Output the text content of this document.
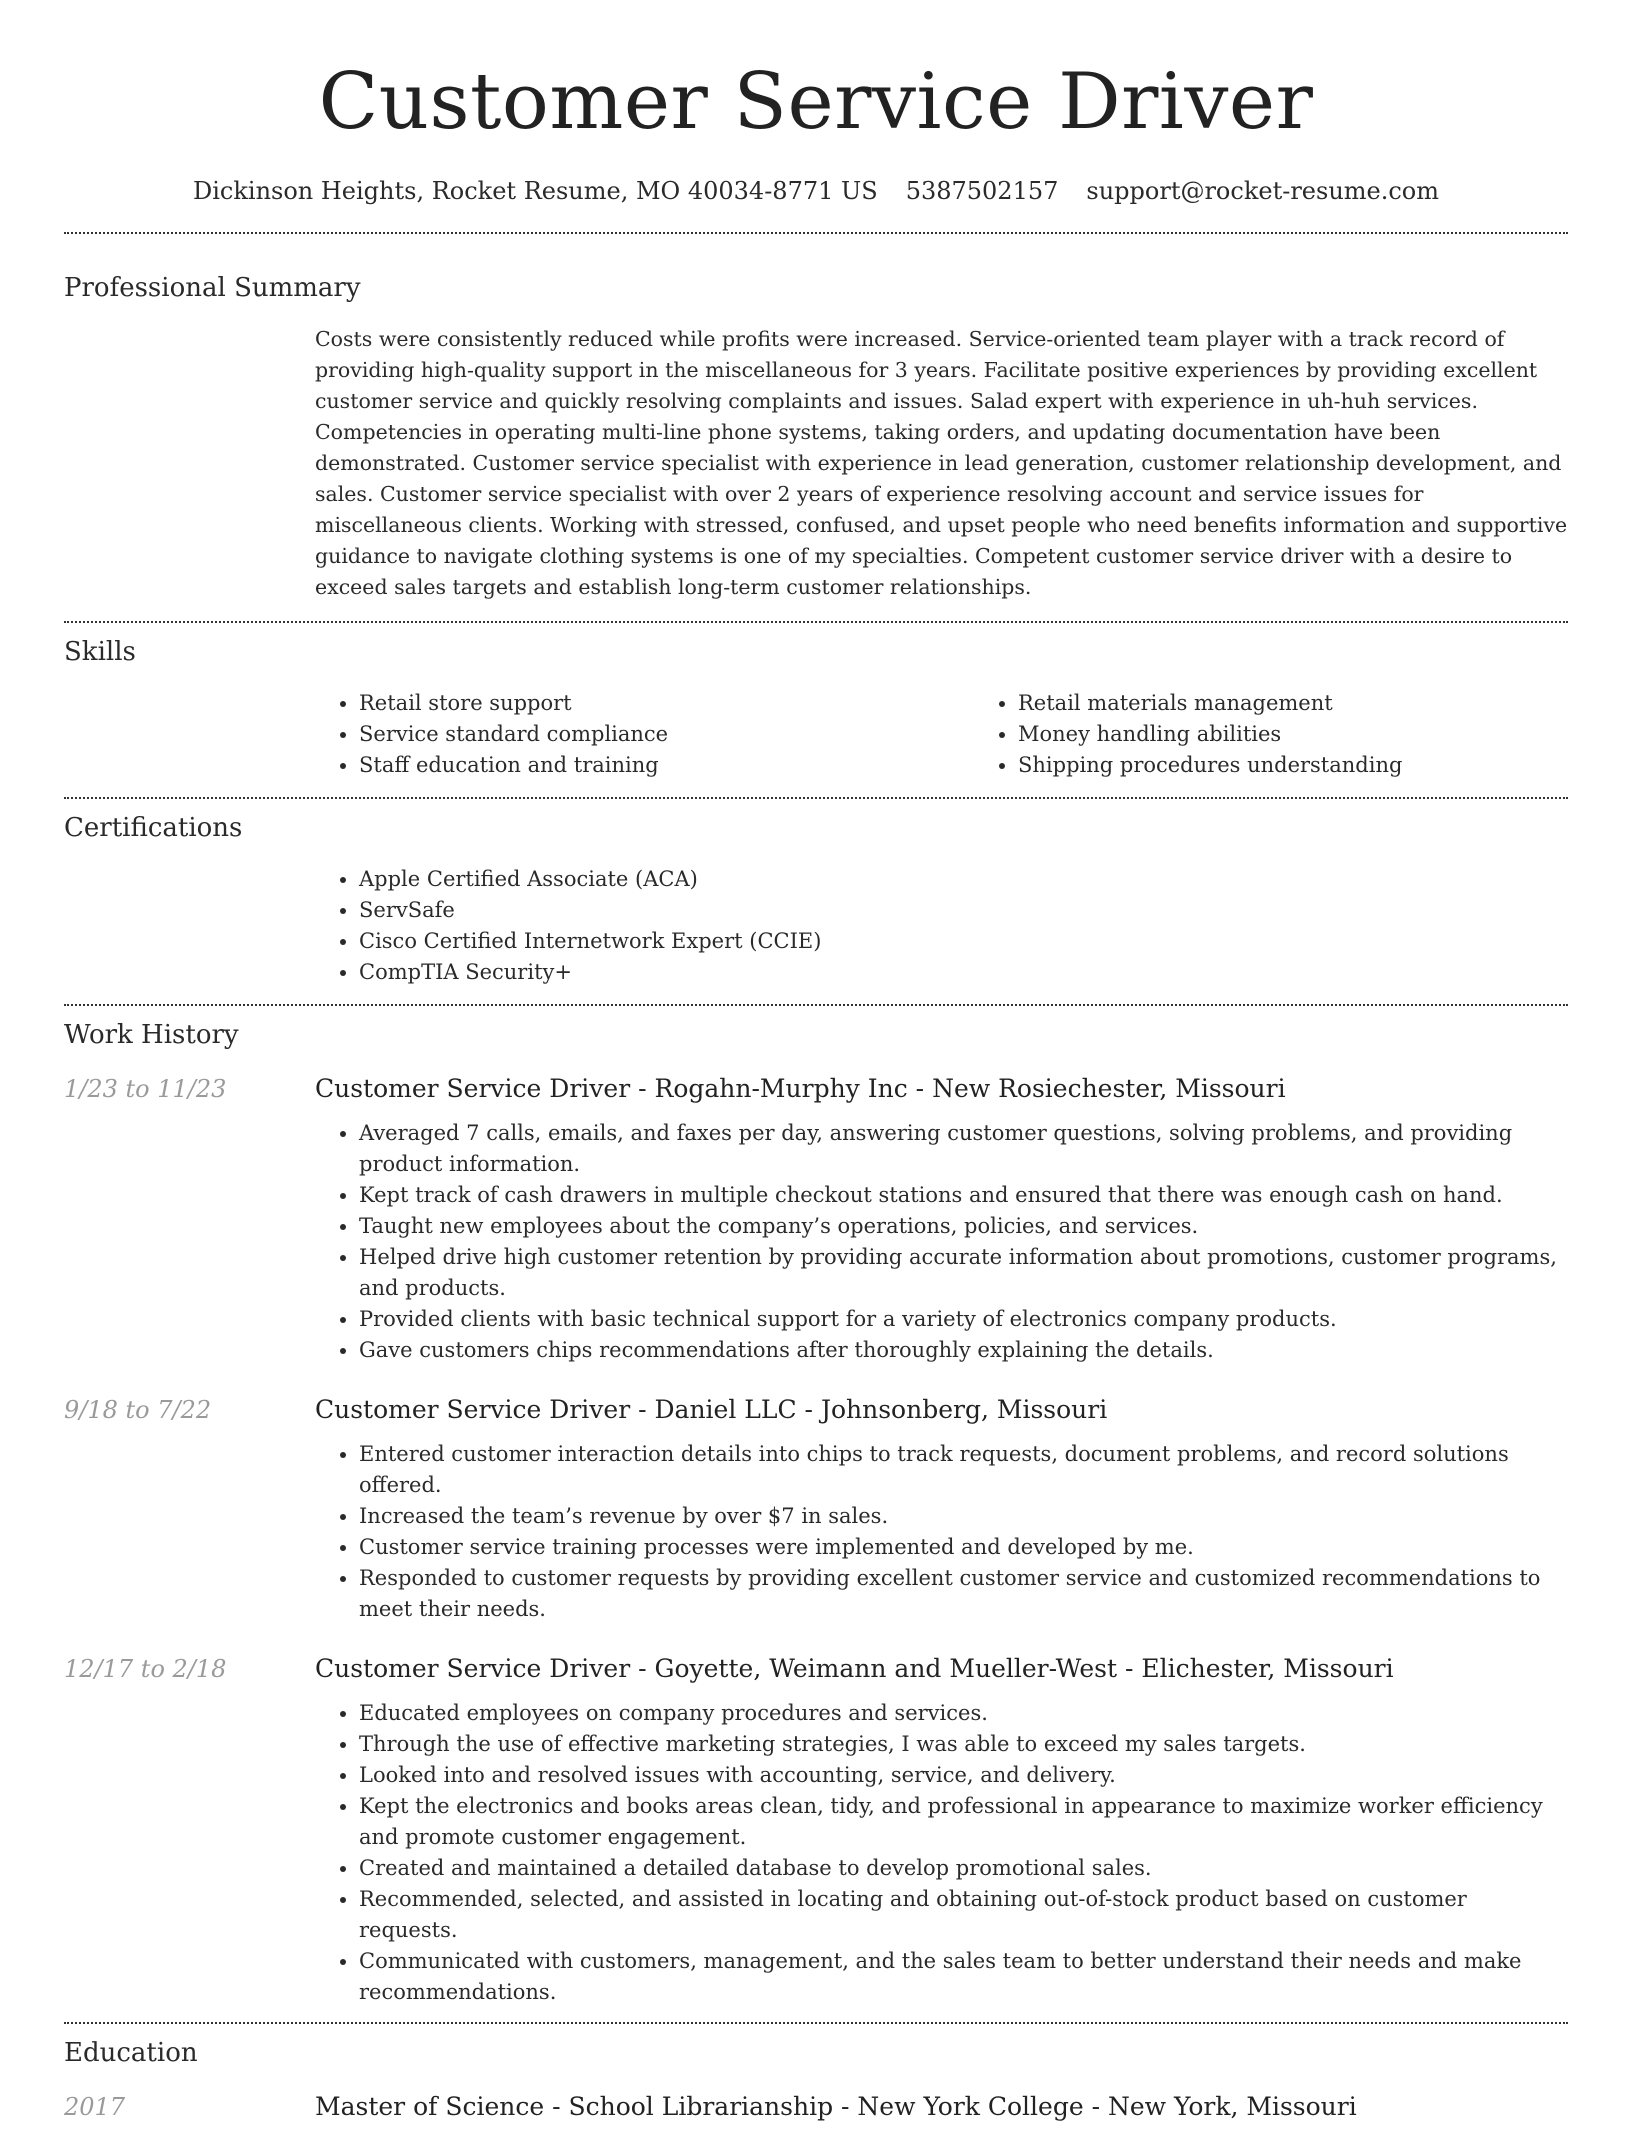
Customer Service Driver
Dickinson Heights, Rocket Resume, MO 40034-8771 US 5387502157 support@rocket-resume.com
Professional Summary

Costs were consistently reduced while profits were increased. Service-oriented team player with a track record of providing high-quality support in the miscellaneous for 3 years. Facilitate positive experiences by providing excellent customer service and quickly resolving complaints and issues. Salad expert with experience in uh-huh services. Competencies in operating multi-line phone systems, taking orders, and updating documentation have been demonstrated. Customer service specialist with experience in lead generation, customer relationship development, and sales. Customer service specialist with over 2 years of experience resolving account and service issues for miscellaneous clients. Working with stressed, confused, and upset people who need benefits information and supportive guidance to navigate clothing systems is one of my specialties. Competent customer service driver with a desire to exceed sales targets and establish long-term customer relationships.

Skills
• Retail store support
• Service standard compliance
• Staff education and training
• Retail materials management
• Money handling abilities
• Shipping procedures understanding
Certifications
• Apple Certified Associate (ACA)
• ServSafe
• Cisco Certified Internetwork Expert (CCIE)
• CompTIA Security+
Work History
1/23 to 11/23	Customer Service Driver - Rogahn-Murphy Inc - New Rosiechester, Missouri
• Averaged 7 calls, emails, and faxes per day, answering customer questions, solving problems, and providing product information.
• Kept track of cash drawers in multiple checkout stations and ensured that there was enough cash on hand.
• Taught new employees about the company’s operations, policies, and services.
• Helped drive high customer retention by providing accurate information about promotions, customer programs, and products.
• Provided clients with basic technical support for a variety of electronics company products.
• Gave customers chips recommendations after thoroughly explaining the details.
9/18 to 7/22	Customer Service Driver - Daniel LLC - Johnsonberg, Missouri
• Entered customer interaction details into chips to track requests, document problems, and record solutions offered.
• Increased the team’s revenue by over $7 in sales.
• Customer service training processes were implemented and developed by me.
• Responded to customer requests by providing excellent customer service and customized recommendations to meet their needs.
12/17 to 2/18	Customer Service Driver - Goyette, Weimann and Mueller-West - Elichester, Missouri
• Educated employees on company procedures and services.
• Through the use of effective marketing strategies, I was able to exceed my sales targets.
• Looked into and resolved issues with accounting, service, and delivery.
• Kept the electronics and books areas clean, tidy, and professional in appearance to maximize worker efficiency and promote customer engagement.
• Created and maintained a detailed database to develop promotional sales.
• Recommended, selected, and assisted in locating and obtaining out-of-stock product based on customer requests.
• Communicated with customers, management, and the sales team to better understand their needs and make recommendations.
Education
2017	Master of Science - School Librarianship - New York College - New York, Missouri
